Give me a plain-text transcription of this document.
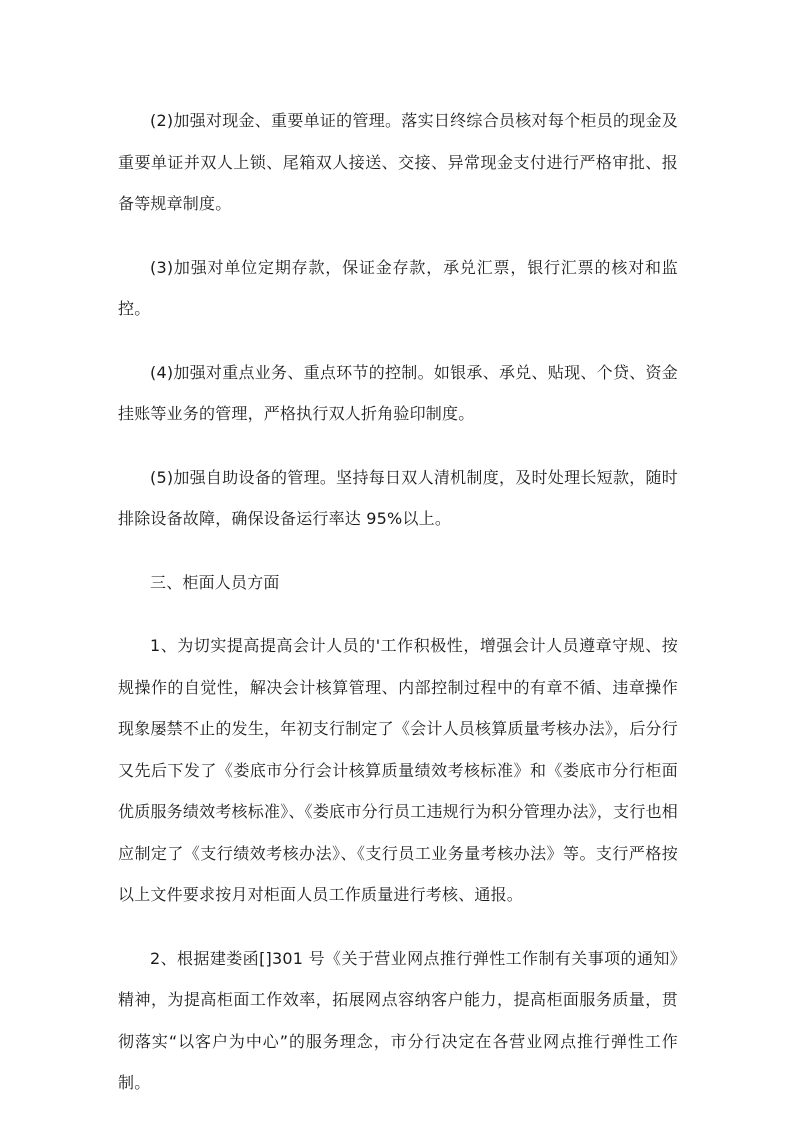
(2)加强对现金、重要单证的管理。落实日终综合员核对每个柜员的现金及重要单证并双人上锁、尾箱双人接送、交接、异常现金支付进行严格审批、报备等规章制度。

(3)加强对单位定期存款，保证金存款，承兑汇票，银行汇票的核对和监控。

(4)加强对重点业务、重点环节的控制。如银承、承兑、贴现、个贷、资金挂账等业务的管理，严格执行双人折角验印制度。

(5)加强自助设备的管理。坚持每日双人清机制度，及时处理长短款，随时排除设备故障，确保设备运行率达 95%以上。

三、柜面人员方面

1、为切实提高提高会计人员的'工作积极性，增强会计人员遵章守规、按规操作的自觉性，解决会计核算管理、内部控制过程中的有章不循、违章操作现象屡禁不止的发生，年初支行制定了《会计人员核算质量考核办法》，后分行又先后下发了《娄底市分行会计核算质量绩效考核标准》和《娄底市分行柜面优质服务绩效考核标准》、《娄底市分行员工违规行为积分管理办法》，支行也相应制定了《支行绩效考核办法》、《支行员工业务量考核办法》等。支行严格按以上文件要求按月对柜面人员工作质量进行考核、通报。

2、根据建娄函[]301 号《关于营业网点推行弹性工作制有关事项的通知》精神，为提高柜面工作效率，拓展网点容纳客户能力，提高柜面服务质量，贯彻落实“以客户为中心”的服务理念，市分行决定在各营业网点推行弹性工作制。
